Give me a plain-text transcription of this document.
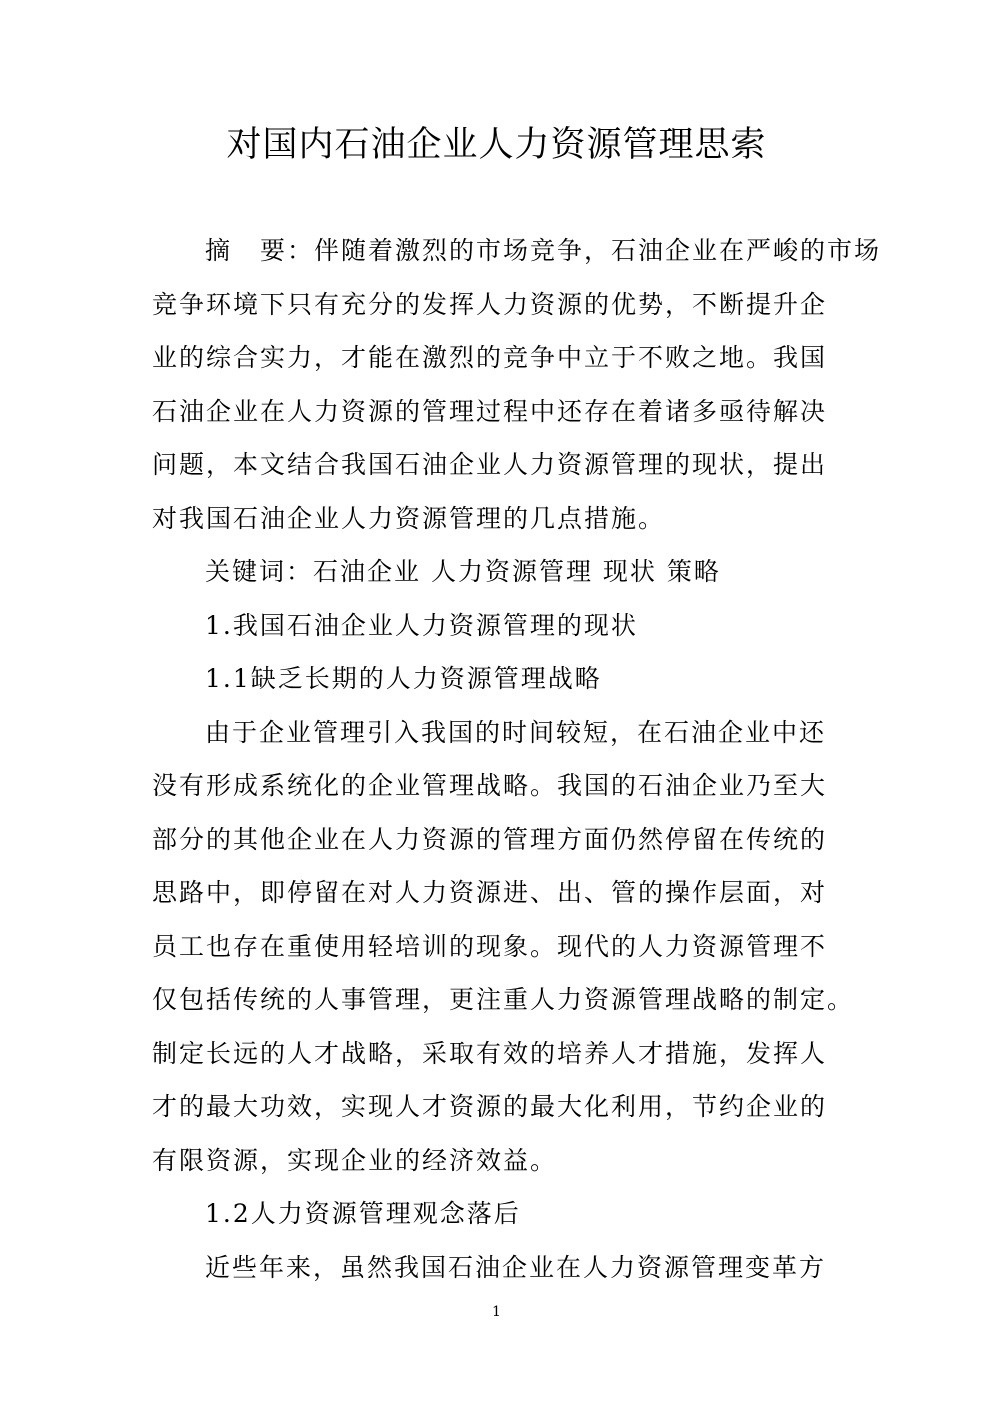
对国内石油企业人力资源管理思索

摘 要：伴随着激烈的市场竞争，石油企业在严峻的市场

竞争环境下只有充分的发挥人力资源的优势，不断提升企

业的综合实力，才能在激烈的竞争中立于不败之地。我国

石油企业在人力资源的管理过程中还存在着诸多亟待解决

问题，本文结合我国石油企业人力资源管理的现状，提出

对我国石油企业人力资源管理的几点措施。

关键词：石油企业 人力资源管理 现状 策略

1.我国石油企业人力资源管理的现状

1.1缺乏长期的人力资源管理战略

由于企业管理引入我国的时间较短，在石油企业中还

没有形成系统化的企业管理战略。我国的石油企业乃至大

部分的其他企业在人力资源的管理方面仍然停留在传统的

思路中，即停留在对人力资源进、出、管的操作层面，对

员工也存在重使用轻培训的现象。现代的人力资源管理不

仅包括传统的人事管理，更注重人力资源管理战略的制定。

制定长远的人才战略，采取有效的培养人才措施，发挥人

才的最大功效，实现人才资源的最大化利用，节约企业的

有限资源，实现企业的经济效益。

1.2人力资源管理观念落后

近些年来，虽然我国石油企业在人力资源管理变革方

1
